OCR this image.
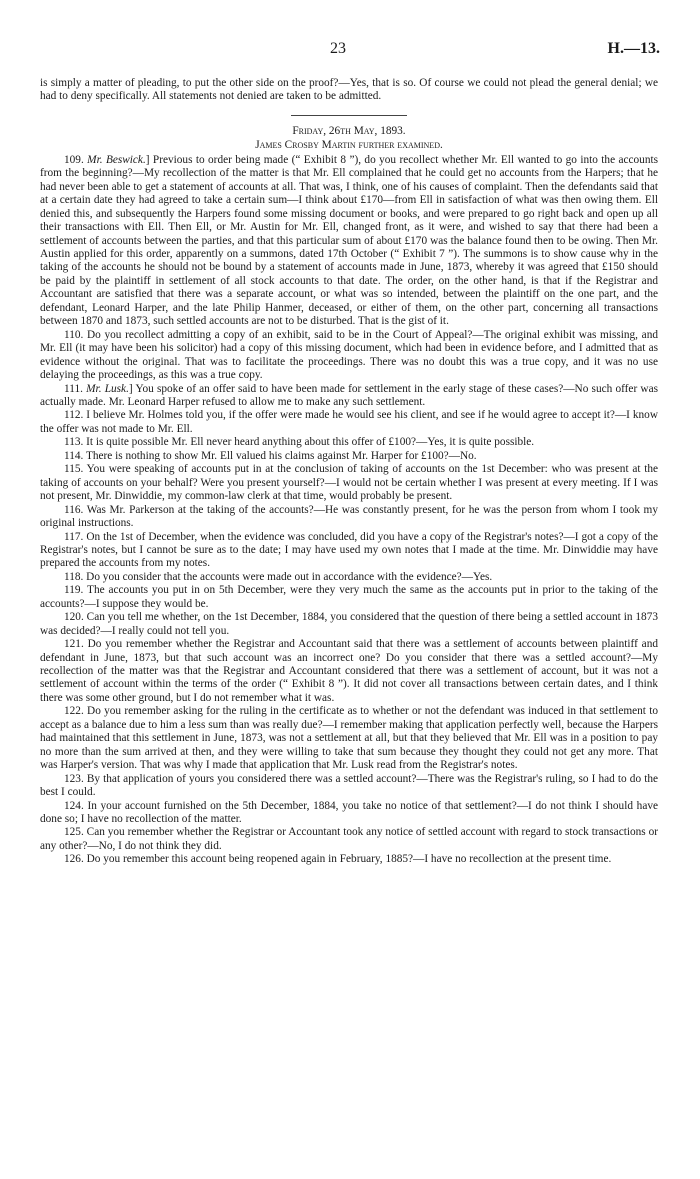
23	H.—13.

is simply a matter of pleading, to put the other side on the proof?—Yes, that is so. Of course we could not plead the general denial; we had to deny specifically. All statements not denied are taken to be admitted.

Friday, 26th May, 1893.

James Crosby Martin further examined.

109. Mr. Beswick.] Previous to order being made (“ Exhibit 8 ”), do you recollect whether Mr. Ell wanted to go into the accounts from the beginning?—My recollection of the matter is that Mr. Ell complained that he could get no accounts from the Harpers; that he had never been able to get a statement of accounts at all. That was, I think, one of his causes of complaint. Then the defendants said that at a certain date they had agreed to take a certain sum—I think about £170—from Ell in satisfaction of what was then owing them. Ell denied this, and subsequently the Harpers found some missing document or books, and were prepared to go right back and open up all their transactions with Ell. Then Ell, or Mr. Austin for Mr. Ell, changed front, as it were, and wished to say that there had been a settlement of accounts between the parties, and that this particular sum of about £170 was the balance found then to be owing. Then Mr. Austin applied for this order, apparently on a summons, dated 17th October (“ Exhibit 7 ”). The summons is to show cause why in the taking of the accounts he should not be bound by a statement of accounts made in June, 1873, whereby it was agreed that £150 should be paid by the plaintiff in settlement of all stock accounts to that date. The order, on the other hand, is that if the Registrar and Accountant are satisfied that there was a separate account, or what was so intended, between the plaintiff on the one part, and the defendant, Leonard Harper, and the late Philip Hanmer, deceased, or either of them, on the other part, concerning all transactions between 1870 and 1873, such settled accounts are not to be disturbed. That is the gist of it.

110. Do you recollect admitting a copy of an exhibit, said to be in the Court of Appeal?—The original exhibit was missing, and Mr. Ell (it may have been his solicitor) had a copy of this missing document, which had been in evidence before, and I admitted that as evidence without the original. That was to facilitate the proceedings. There was no doubt this was a true copy, and it was no use delaying the proceedings, as this was a true copy.

111. Mr. Lusk.] You spoke of an offer said to have been made for settlement in the early stage of these cases?—No such offer was actually made. Mr. Leonard Harper refused to allow me to make any such settlement.

112. I believe Mr. Holmes told you, if the offer were made he would see his client, and see if he would agree to accept it?—I know the offer was not made to Mr. Ell.

113. It is quite possible Mr. Ell never heard anything about this offer of £100?—Yes, it is quite possible.

114. There is nothing to show Mr. Ell valued his claims against Mr. Harper for £100?—No.

115. You were speaking of accounts put in at the conclusion of taking of accounts on the 1st December: who was present at the taking of accounts on your behalf? Were you present yourself?—I would not be certain whether I was present at every meeting. If I was not present, Mr. Dinwiddie, my common-law clerk at that time, would probably be present.

116. Was Mr. Parkerson at the taking of the accounts?—He was constantly present, for he was the person from whom I took my original instructions.

117. On the 1st of December, when the evidence was concluded, did you have a copy of the Registrar's notes?—I got a copy of the Registrar's notes, but I cannot be sure as to the date; I may have used my own notes that I made at the time. Mr. Dinwiddie may have prepared the accounts from my notes.

118. Do you consider that the accounts were made out in accordance with the evidence?—Yes.

119. The accounts you put in on 5th December, were they very much the same as the accounts put in prior to the taking of the accounts?—I suppose they would be.

120. Can you tell me whether, on the 1st December, 1884, you considered that the question of there being a settled account in 1873 was decided?—I really could not tell you.

121. Do you remember whether the Registrar and Accountant said that there was a settlement of accounts between plaintiff and defendant in June, 1873, but that such account was an incorrect one? Do you consider that there was a settled account?—My recollection of the matter was that the Registrar and Accountant considered that there was a settlement of account, but it was not a settlement of account within the terms of the order (“ Exhibit 8 ”). It did not cover all transactions between certain dates, and I think there was some other ground, but I do not remember what it was.

122. Do you remember asking for the ruling in the certificate as to whether or not the defendant was induced in that settlement to accept as a balance due to him a less sum than was really due?—I remember making that application perfectly well, because the Harpers had maintained that this settlement in June, 1873, was not a settlement at all, but that they believed that Mr. Ell was in a position to pay no more than the sum arrived at then, and they were willing to take that sum because they thought they could not get any more. That was Harper's version. That was why I made that application that Mr. Lusk read from the Registrar's notes.

123. By that application of yours you considered there was a settled account?—There was the Registrar's ruling, so I had to do the best I could.

124. In your account furnished on the 5th December, 1884, you take no notice of that settlement?—I do not think I should have done so; I have no recollection of the matter.

125. Can you remember whether the Registrar or Accountant took any notice of settled account with regard to stock transactions or any other?—No, I do not think they did.

126. Do you remember this account being reopened again in February, 1885?—I have no recollection at the present time.
